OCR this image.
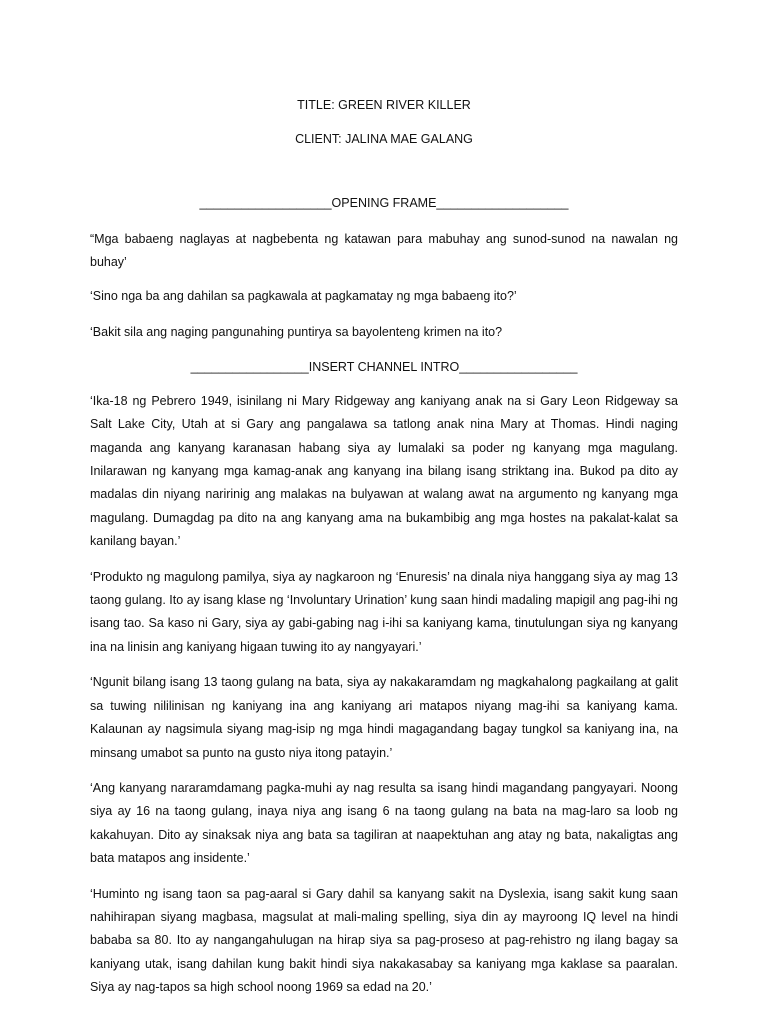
TITLE: GREEN RIVER KILLER

CLIENT: JALINA MAE GALANG

___________________OPENING FRAME___________________

“Mga babaeng naglayas at nagbebenta ng katawan para mabuhay ang sunod-sunod na nawalan ng buhay’

‘Sino nga ba ang dahilan sa pagkawala at pagkamatay ng mga babaeng ito?’

‘Bakit sila ang naging pangunahing puntirya sa bayolenteng krimen na ito?

_________________INSERT CHANNEL INTRO_________________

‘Ika-18 ng Pebrero 1949, isinilang ni Mary Ridgeway ang kaniyang anak na si Gary Leon Ridgeway sa Salt Lake City, Utah at si Gary ang pangalawa sa tatlong anak nina Mary at Thomas. Hindi naging maganda ang kanyang karanasan habang siya ay lumalaki sa poder ng kanyang mga magulang. Inilarawan ng kanyang mga kamag-anak ang kanyang ina bilang isang striktang ina. Bukod pa dito ay madalas din niyang naririnig ang malakas na bulyawan at walang awat na argumento ng kanyang mga magulang. Dumagdag pa dito na ang kanyang ama na bukambibig ang mga hostes na pakalat-kalat sa kanilang bayan.’

‘Produkto ng magulong pamilya, siya ay nagkaroon ng ‘Enuresis’ na dinala niya hanggang siya ay mag 13 taong gulang. Ito ay isang klase ng ‘Involuntary Urination’ kung saan hindi madaling mapigil ang pag-ihi ng isang tao. Sa kaso ni Gary, siya ay gabi-gabing nag i-ihi sa kaniyang kama, tinutulungan siya ng kanyang ina na linisin ang kaniyang higaan tuwing ito ay nangyayari.’

‘Ngunit bilang isang 13 taong gulang na bata, siya ay nakakaramdam ng magkahalong pagkailang at galit sa tuwing nililinisan ng kaniyang ina ang kaniyang ari matapos niyang mag-ihi sa kaniyang kama. Kalaunan ay nagsimula siyang mag-isip ng mga hindi magagandang bagay tungkol sa kaniyang ina, na minsang umabot sa punto na gusto niya itong patayin.’

‘Ang kanyang nararamdamang pagka-muhi ay nag resulta sa isang hindi magandang pangyayari. Noong siya ay 16 na taong gulang, inaya niya ang isang 6 na taong gulang na bata na mag-laro sa loob ng kakahuyan. Dito ay sinaksak niya ang bata sa tagiliran at naapektuhan ang atay ng bata, nakaligtas ang bata matapos ang insidente.’

‘Huminto ng isang taon sa pag-aaral si Gary dahil sa kanyang sakit na Dyslexia, isang sakit kung saan nahihirapan siyang magbasa, magsulat at mali-maling spelling, siya din ay mayroong IQ level na hindi bababa sa 80. Ito ay nangangahulugan na hirap siya sa pag-proseso at pag-rehistro ng ilang bagay sa kaniyang utak, isang dahilan kung bakit hindi siya nakakasabay sa kaniyang mga kaklase sa paaralan. Siya ay nag-tapos sa high school noong 1969 sa edad na 20.’
